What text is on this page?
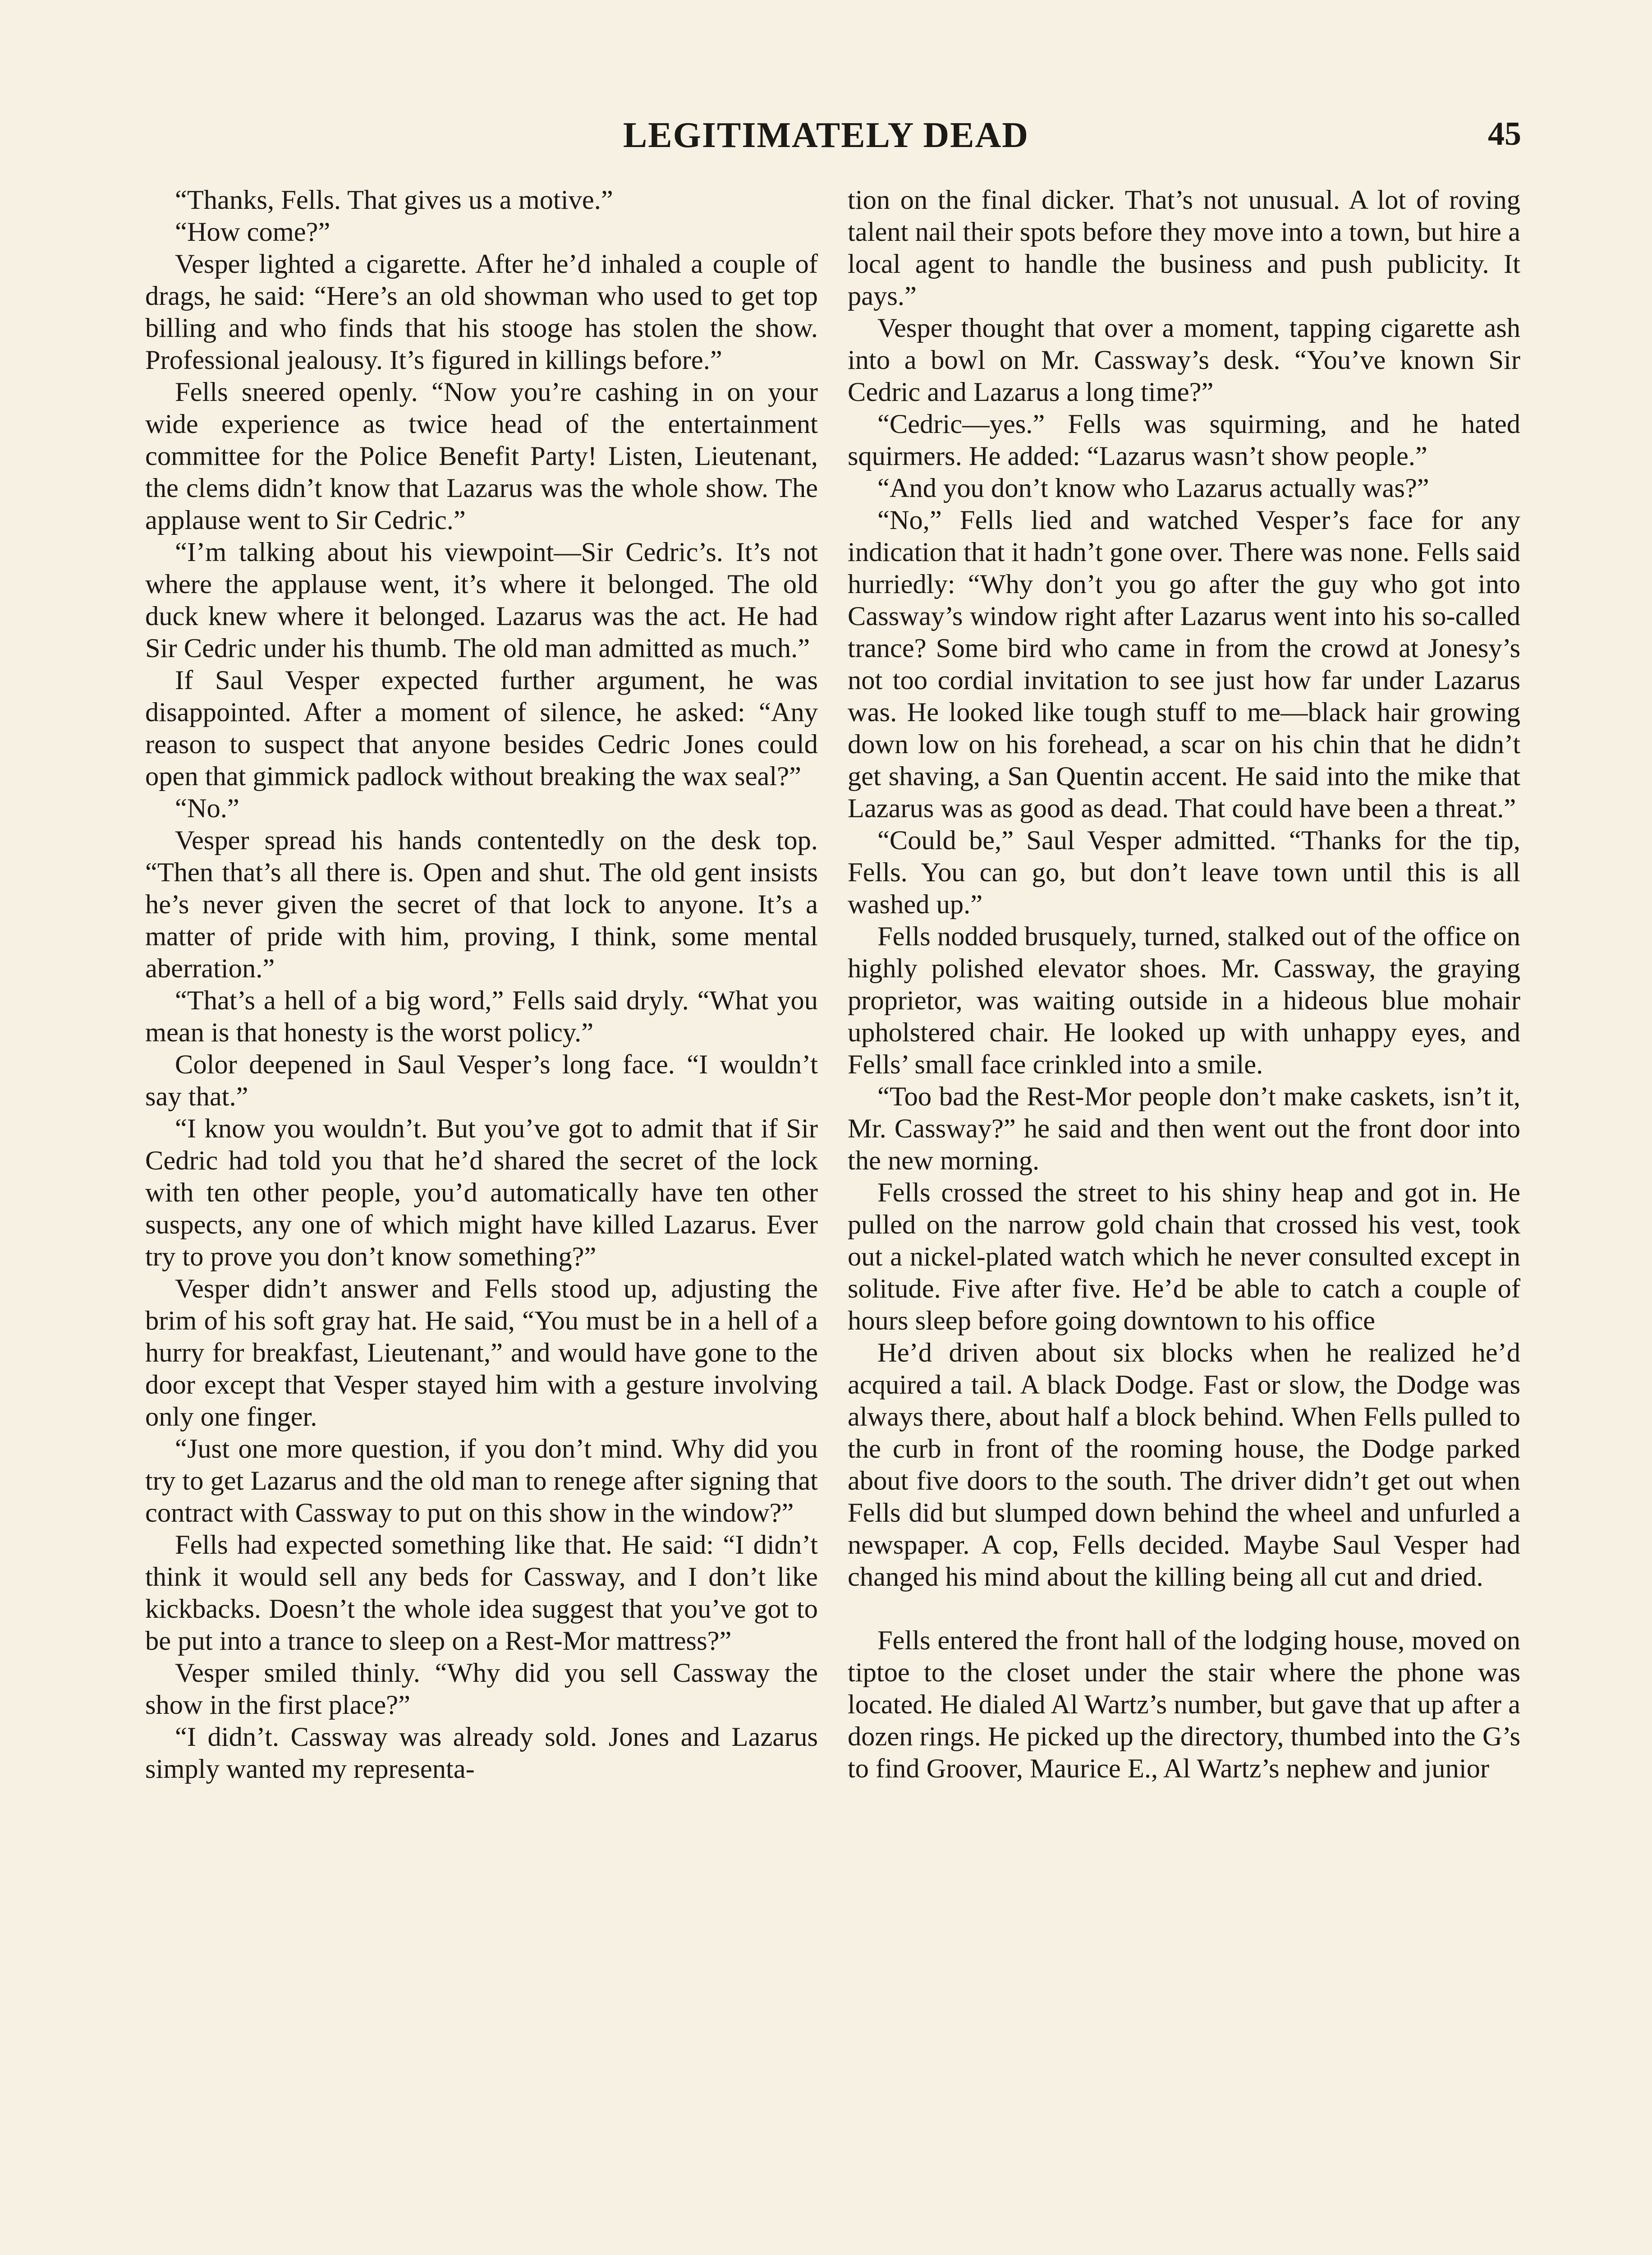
LEGITIMATELY DEAD	45

“Thanks, Fells. That gives us a motive.”

“How come?”

Vesper lighted a cigarette. After he’d inhaled a couple of drags, he said: “Here’s an old showman who used to get top billing and who finds that his stooge has stolen the show. Professional jealousy. It’s figured in killings before.”

Fells sneered openly. “Now you’re cashing in on your wide experience as twice head of the entertainment committee for the Police Benefit Party! Listen, Lieutenant, the clems didn’t know that Lazarus was the whole show. The applause went to Sir Cedric.”

“I’m talking about his viewpoint—Sir Cedric’s. It’s not where the applause went, it’s where it belonged. The old duck knew where it belonged. Lazarus was the act. He had Sir Cedric under his thumb. The old man admitted as much.”

If Saul Vesper expected further argument, he was disappointed. After a moment of silence, he asked: “Any reason to suspect that anyone besides Cedric Jones could open that gimmick padlock without breaking the wax seal?”

“No.”

Vesper spread his hands contentedly on the desk top. “Then that’s all there is. Open and shut. The old gent insists he’s never given the secret of that lock to anyone. It’s a matter of pride with him, proving, I think, some mental aberration.”

“That’s a hell of a big word,” Fells said dryly. “What you mean is that honesty is the worst policy.”

Color deepened in Saul Vesper’s long face. “I wouldn’t say that.”

“I know you wouldn’t. But you’ve got to admit that if Sir Cedric had told you that he’d shared the secret of the lock with ten other people, you’d automatically have ten other suspects, any one of which might have killed Lazarus. Ever try to prove you don’t know something?”

Vesper didn’t answer and Fells stood up, adjusting the brim of his soft gray hat. He said, “You must be in a hell of a hurry for breakfast, Lieutenant,” and would have gone to the door except that Vesper stayed him with a gesture involving only one finger.

“Just one more question, if you don’t mind. Why did you try to get Lazarus and the old man to renege after signing that contract with Cassway to put on this show in the window?”

Fells had expected something like that. He said: “I didn’t think it would sell any beds for Cassway, and I don’t like kickbacks. Doesn’t the whole idea suggest that you’ve got to be put into a trance to sleep on a Rest-Mor mattress?”

Vesper smiled thinly. “Why did you sell Cassway the show in the first place?”

“I didn’t. Cassway was already sold. Jones and Lazarus simply wanted my representa-

tion on the final dicker. That’s not unusual. A lot of roving talent nail their spots before they move into a town, but hire a local agent to handle the business and push publicity. It pays.”

Vesper thought that over a moment, tapping cigarette ash into a bowl on Mr. Cassway’s desk. “You’ve known Sir Cedric and Lazarus a long time?”

“Cedric—yes.” Fells was squirming, and he hated squirmers. He added: “Lazarus wasn’t show people.”

“And you don’t know who Lazarus actually was?”

“No,” Fells lied and watched Vesper’s face for any indication that it hadn’t gone over. There was none. Fells said hurriedly: “Why don’t you go after the guy who got into Cassway’s window right after Lazarus went into his so-called trance? Some bird who came in from the crowd at Jonesy’s not too cordial invitation to see just how far under Lazarus was. He looked like tough stuff to me—black hair growing down low on his forehead, a scar on his chin that he didn’t get shaving, a San Quentin accent. He said into the mike that Lazarus was as good as dead. That could have been a threat.”

“Could be,” Saul Vesper admitted. “Thanks for the tip, Fells. You can go, but don’t leave town until this is all washed up.”

Fells nodded brusquely, turned, stalked out of the office on highly polished elevator shoes. Mr. Cassway, the graying proprietor, was waiting outside in a hideous blue mohair upholstered chair. He looked up with unhappy eyes, and Fells’ small face crinkled into a smile.

“Too bad the Rest-Mor people don’t make caskets, isn’t it, Mr. Cassway?” he said and then went out the front door into the new morning.

Fells crossed the street to his shiny heap and got in. He pulled on the narrow gold chain that crossed his vest, took out a nickel-plated watch which he never consulted except in solitude. Five after five. He’d be able to catch a couple of hours sleep before going downtown to his office

He’d driven about six blocks when he realized he’d acquired a tail. A black Dodge. Fast or slow, the Dodge was always there, about half a block behind. When Fells pulled to the curb in front of the rooming house, the Dodge parked about five doors to the south. The driver didn’t get out when Fells did but slumped down behind the wheel and unfurled a newspaper. A cop, Fells decided. Maybe Saul Vesper had changed his mind about the killing being all cut and dried.

Fells entered the front hall of the lodging house, moved on tiptoe to the closet under the stair where the phone was located. He dialed Al Wartz’s number, but gave that up after a dozen rings. He picked up the directory, thumbed into the G’s to find Groover, Maurice E., Al Wartz’s nephew and junior
